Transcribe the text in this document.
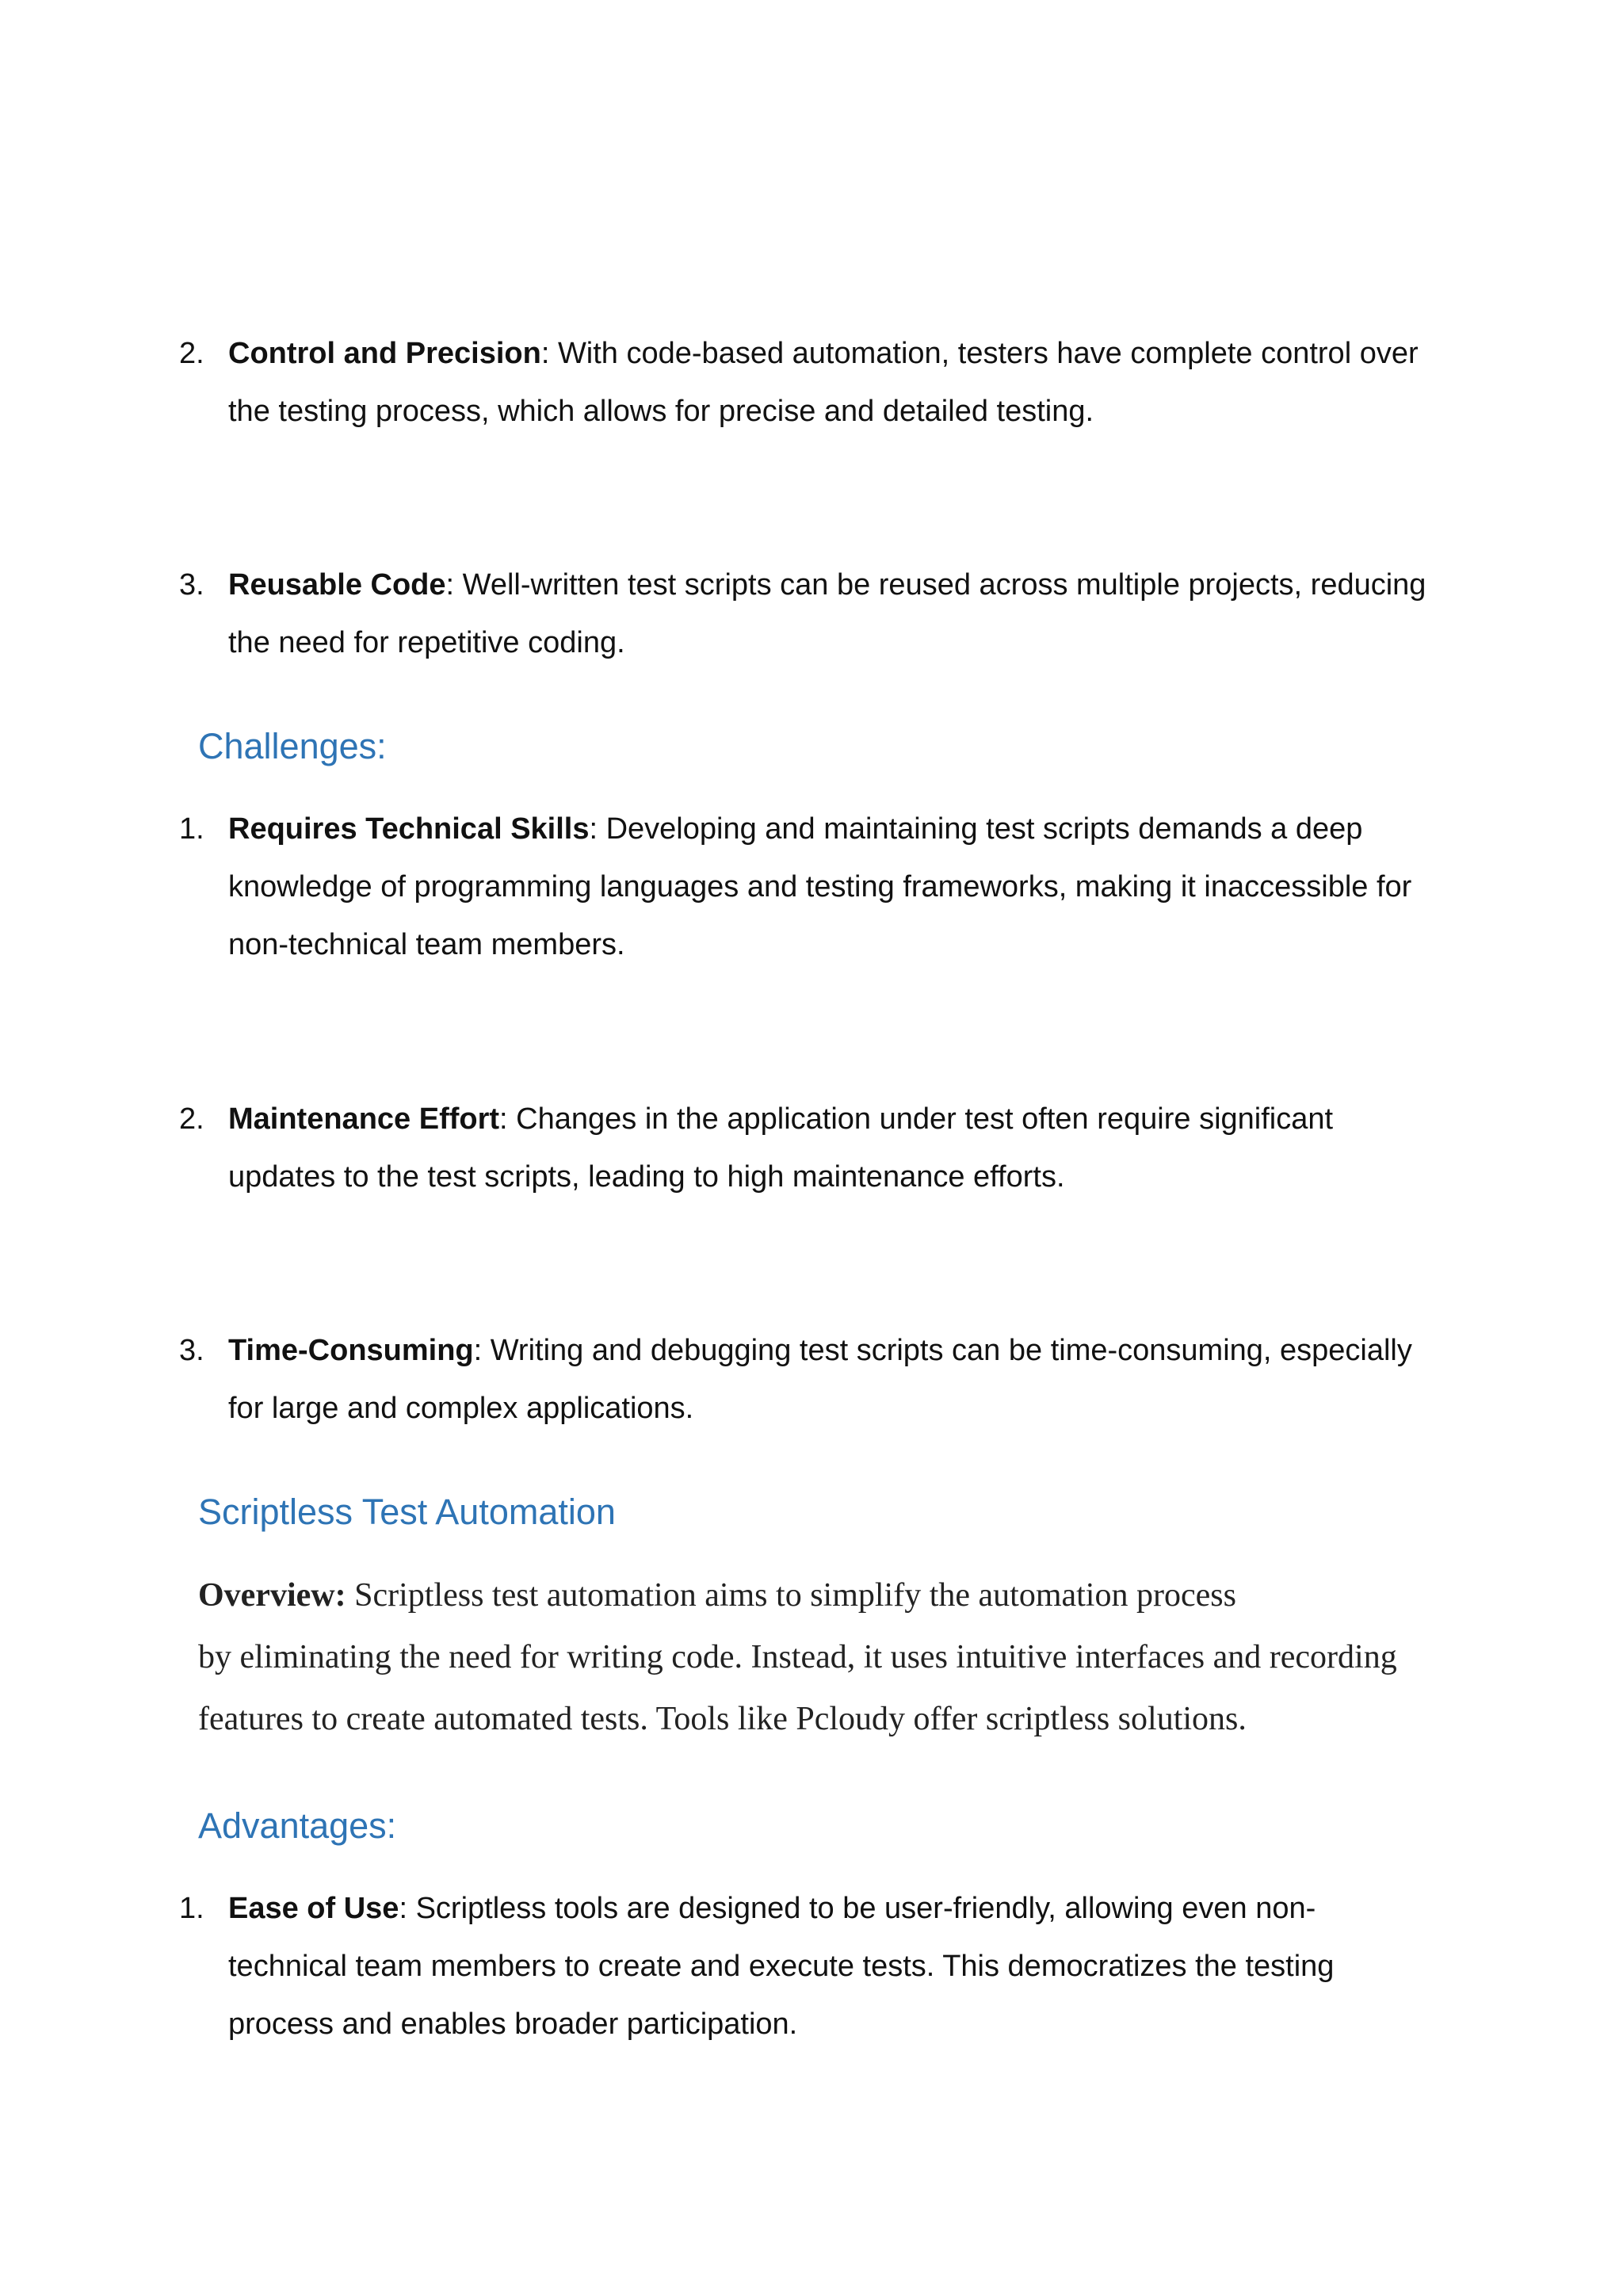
2. Control and Precision: With code-based automation, testers have complete control over
the testing process, which allows for precise and detailed testing.
3. Reusable Code: Well-written test scripts can be reused across multiple projects, reducing
the need for repetitive coding.
Challenges:
1. Requires Technical Skills: Developing and maintaining test scripts demands a deep
knowledge of programming languages and testing frameworks, making it inaccessible for
non-technical team members.
2. Maintenance Effort: Changes in the application under test often require significant
updates to the test scripts, leading to high maintenance efforts.
3. Time-Consuming: Writing and debugging test scripts can be time-consuming, especially
for large and complex applications.
Scriptless Test Automation
Overview: Scriptless test automation aims to simplify the automation process
by eliminating the need for writing code. Instead, it uses intuitive interfaces and recording
features to create automated tests. Tools like Pcloudy offer scriptless solutions.
Advantages:
1. Ease of Use: Scriptless tools are designed to be user-friendly, allowing even non-
technical team members to create and execute tests. This democratizes the testing
process and enables broader participation.
